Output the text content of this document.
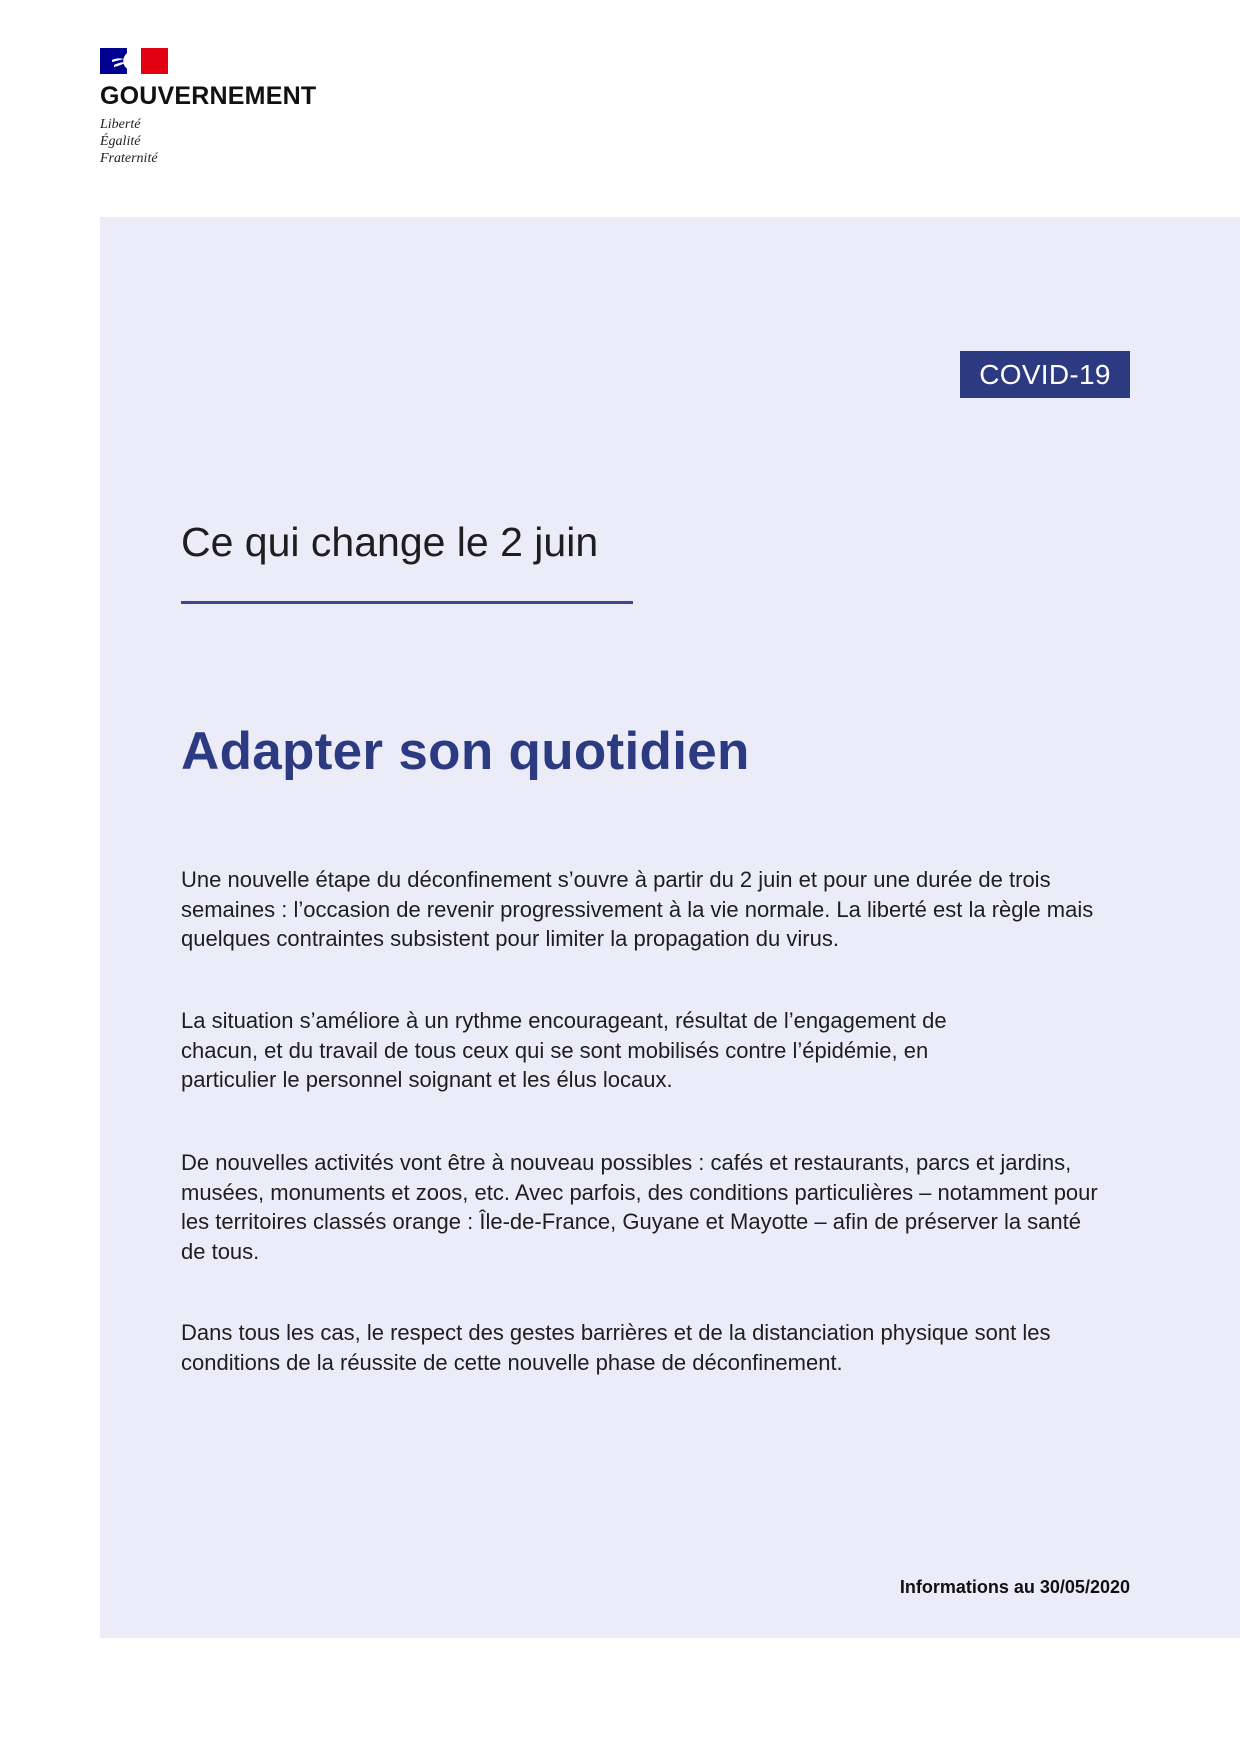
GOUVERNEMENT
Liberté
Égalité
Fraternité
COVID-19
Ce qui change le 2 juin
Adapter son quotidien

Une nouvelle étape du déconfinement s’ouvre à partir du 2 juin et pour une durée de trois semaines : l’occasion de revenir progressivement à la vie normale. La liberté est la règle mais quelques contraintes subsistent pour limiter la propagation du virus.

La situation s’améliore à un rythme encourageant, résultat de l’engagement de chacun, et du travail de tous ceux qui se sont mobilisés contre l’épidémie, en particulier le personnel soignant et les élus locaux.

De nouvelles activités vont être à nouveau possibles : cafés et restaurants, parcs et jardins, musées, monuments et zoos, etc. Avec parfois, des conditions particulières – notamment pour les territoires classés orange : Île-de-France, Guyane et Mayotte – afin de préserver la santé de tous.

Dans tous les cas, le respect des gestes barrières et de la distanciation physique sont les conditions de la réussite de cette nouvelle phase de déconfinement.

Informations au 30/05/2020
